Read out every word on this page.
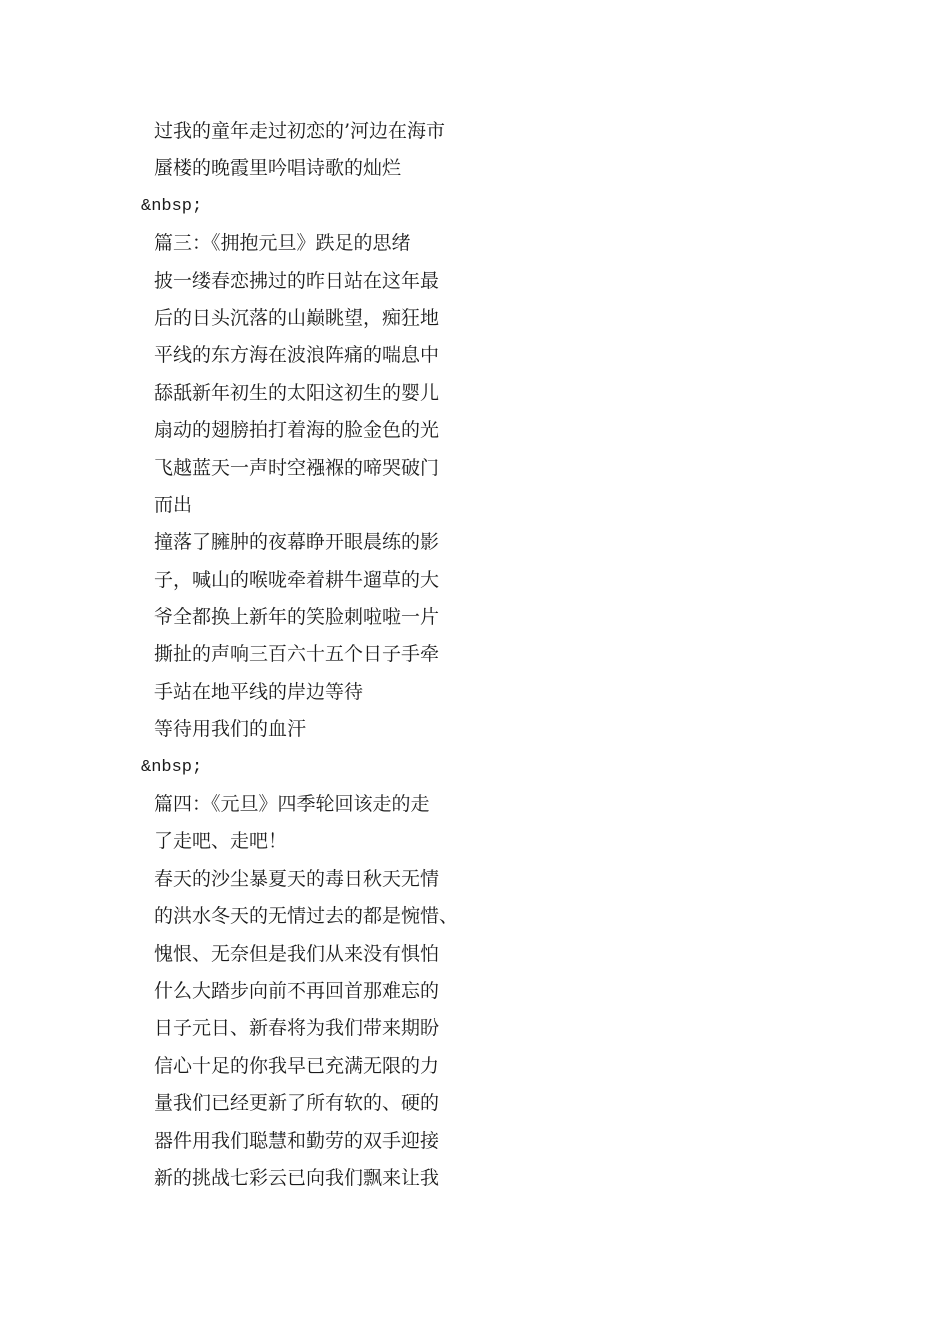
过我的童年走过初恋的’河边在海市
蜃楼的晚霞里吟唱诗歌的灿烂
&nbsp;
篇三：《拥抱元旦》跌足的思绪
披一缕春恋拂过的昨日站在这年最
后的日头沉落的山巅眺望，痴狂地
平线的东方海在波浪阵痛的喘息中
舔舐新年初生的太阳这初生的婴儿
扇动的翅膀拍打着海的脸金色的光
飞越蓝天一声时空襁褓的啼哭破门
而出
撞落了臃肿的夜幕睁开眼晨练的影
子，喊山的喉咙牵着耕牛遛草的大
爷全都换上新年的笑脸刺啦啦一片
撕扯的声响三百六十五个日子手牵
手站在地平线的岸边等待
等待用我们的血汗
&nbsp;
篇四：《元旦》四季轮回该走的走
了走吧、走吧！
春天的沙尘暴夏天的毒日秋天无情
的洪水冬天的无情过去的都是惋惜、
愧恨、无奈但是我们从来没有惧怕
什么大踏步向前不再回首那难忘的
日子元日、新春将为我们带来期盼
信心十足的你我早已充满无限的力
量我们已经更新了所有软的、硬的
器件用我们聪慧和勤劳的双手迎接
新的挑战七彩云已向我们飘来让我
